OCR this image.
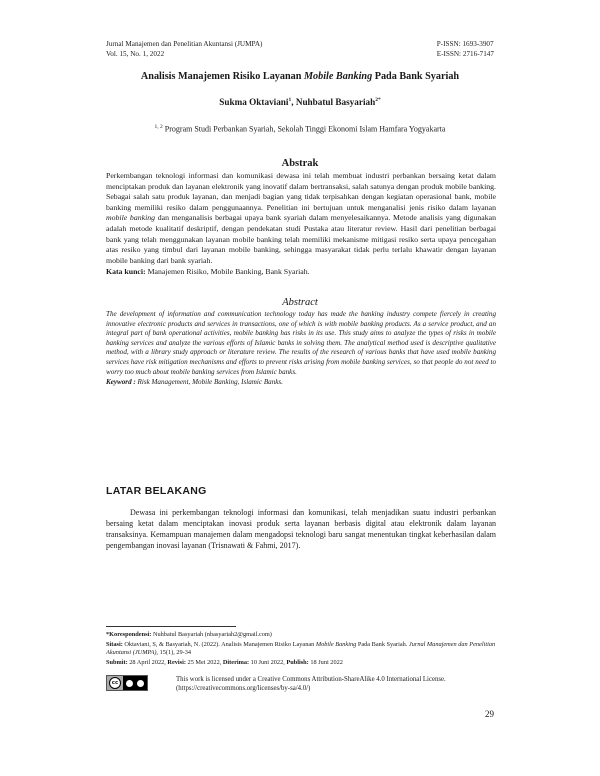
Jurnal Manajemen dan Penelitian Akuntansi (JUMPA)
Vol. 15, No. 1, 2022
P-ISSN: 1693-3907
E-ISSN: 2716-7147
Analisis Manajemen Risiko Layanan Mobile Banking Pada Bank Syariah
Sukma Oktaviani$^1$, Nuhbatul Basyariah$^{2*}$
$^{1, 2}$ Program Studi Perbankan Syariah, Sekolah Tinggi Ekonomi Islam Hamfara Yogyakarta
Abstrak
Perkembangan teknologi informasi dan komunikasi dewasa ini telah membuat industri perbankan bersaing ketat dalam menciptakan produk dan layanan elektronik yang inovatif dalam bertransaksi, salah satunya dengan produk mobile banking. Sebagai salah satu produk layanan, dan menjadi bagian yang tidak terpisahkan dengan kegiatan operasional bank, mobile banking memiliki resiko dalam penggunaannya. Penelitian ini bertujuan untuk menganalisi jenis risiko dalam layanan mobile banking dan menganalisis berbagai upaya bank syariah dalam menyelesaikannya. Metode analisis yang digunakan adalah metode kualitatif deskriptif, dengan pendekatan studi Pustaka atau literatur review. Hasil dari penelitian berbagai bank yang telah menggunakan layanan mobile banking telah memiliki mekanisme mitigasi resiko serta upaya pencegahan atas resiko yang timbul dari layanan mobile banking, sehingga masyarakat tidak perlu terlalu khawatir dengan layanan mobile banking dari bank syariah.
Kata kunci: Manajemen Risiko, Mobile Banking, Bank Syariah.
Abstract
The development of information and communication technology today has made the banking industry compete fiercely in creating innovative electronic products and services in transactions, one of which is with mobile banking products. As a service product, and an integral part of bank operational activities, mobile banking has risks in its use. This study aims to analyze the types of risks in mobile banking services and analyze the various efforts of Islamic banks in solving them. The analytical method used is descriptive qualitative method, with a library study approach or literature review. The results of the research of various banks that have used mobile banking services have risk mitigation mechanisms and efforts to prevent risks arising from mobile banking services, so that people do not need to worry too much about mobile banking services from Islamic banks.
Keyword : Risk Management, Mobile Banking, Islamic Banks.
LATAR BELAKANG
Dewasa ini perkembangan teknologi informasi dan komunikasi, telah menjadikan suatu industri perbankan bersaing ketat dalam menciptakan inovasi produk serta layanan berbasis digital atau elektronik dalam layanan transaksinya. Kemampuan manajemen dalam mengadopsi teknologi baru sangat menentukan tingkat keberhasilan dalam pengembangan inovasi layanan (Trisnawati & Fahmi, 2017).
*Korespondensi: Nuhbatul Basyariah (nbasyariah2@gmail.com)
Sitasi: Oktaviani, S, & Basyariah, N. (2022). Analisis Manajemen Risiko Layanan Mobile Banking Pada Bank Syariah. Jurnal Manajemen dan Penelitian Akuntansi (JUMPA), 15(1), 29-34
Submit: 28 April 2022, Revisi: 25 Mei 2022, Diterima: 10 Juni 2022, Publish: 18 Juni 2022
cc	This work is licensed under a Creative Commons Attribution-ShareAlike 4.0 International License.
(https://creativecommons.org/licenses/by-sa/4.0/)
29
